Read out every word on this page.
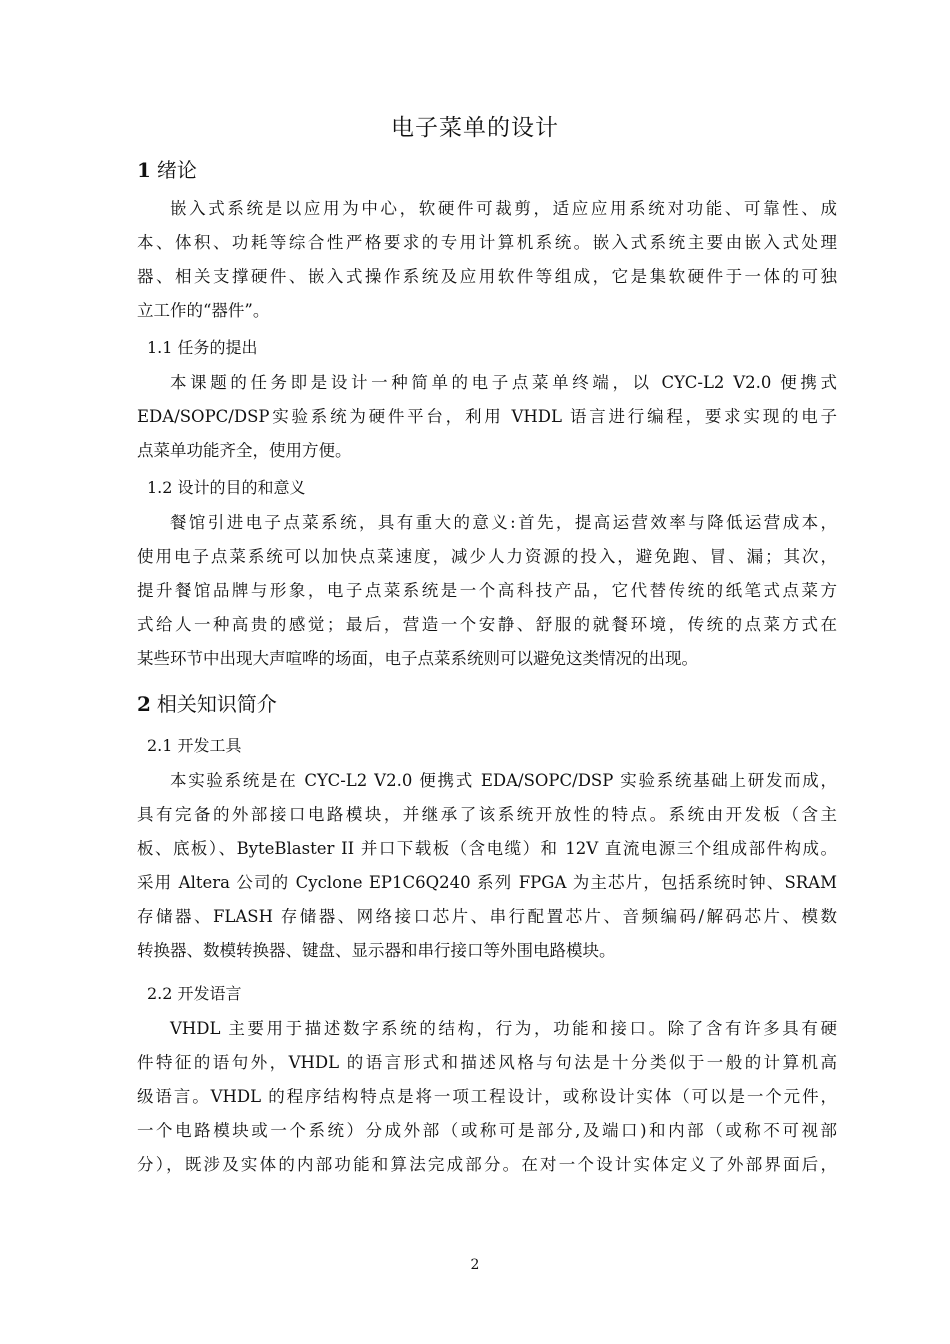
电子菜单的设计
1 绪论
嵌入式系统是以应用为中心，软硬件可裁剪，适应应用系统对功能、可靠性、成
本、体积、功耗等综合性严格要求的专用计算机系统。嵌入式系统主要由嵌入式处理
器、相关支撑硬件、嵌入式操作系统及应用软件等组成，它是集软硬件于一体的可独
立工作的“器件”。
1.1 任务的提出
本课题的任务即是设计一种简单的电子点菜单终端，以 CYC-L2 V2.0 便携式
EDA/SOPC/DSP实验系统为硬件平台，利用 VHDL 语言进行编程，要求实现的电子
点菜单功能齐全，使用方便。
1.2 设计的目的和意义
餐馆引进电子点菜系统，具有重大的意义:首先，提高运营效率与降低运营成本，
使用电子点菜系统可以加快点菜速度，减少人力资源的投入，避免跑、冒、漏；其次，
提升餐馆品牌与形象，电子点菜系统是一个高科技产品，它代替传统的纸笔式点菜方
式给人一种高贵的感觉；最后，营造一个安静、舒服的就餐环境，传统的点菜方式在
某些环节中出现大声喧哗的场面，电子点菜系统则可以避免这类情况的出现。
2 相关知识简介
2.1 开发工具
本实验系统是在 CYC-L2 V2.0 便携式 EDA/SOPC/DSP 实验系统基础上研发而成，
具有完备的外部接口电路模块，并继承了该系统开放性的特点。系统由开发板（含主
板、底板）、ByteBlaster II 并口下载板（含电缆）和 12V 直流电源三个组成部件构成。
采用 Altera 公司的 Cyclone EP1C6Q240 系列 FPGA 为主芯片，包括系统时钟、SRAM
存储器、FLASH 存储器、网络接口芯片、串行配置芯片、音频编码/解码芯片、模数
转换器、数模转换器、键盘、显示器和串行接口等外围电路模块。
2.2 开发语言
VHDL 主要用于描述数字系统的结构，行为，功能和接口。除了含有许多具有硬
件特征的语句外，VHDL 的语言形式和描述风格与句法是十分类似于一般的计算机高
级语言。VHDL 的程序结构特点是将一项工程设计，或称设计实体（可以是一个元件，
一个电路模块或一个系统）分成外部（或称可是部分,及端口)和内部（或称不可视部
分），既涉及实体的内部功能和算法完成部分。在对一个设计实体定义了外部界面后，
2
